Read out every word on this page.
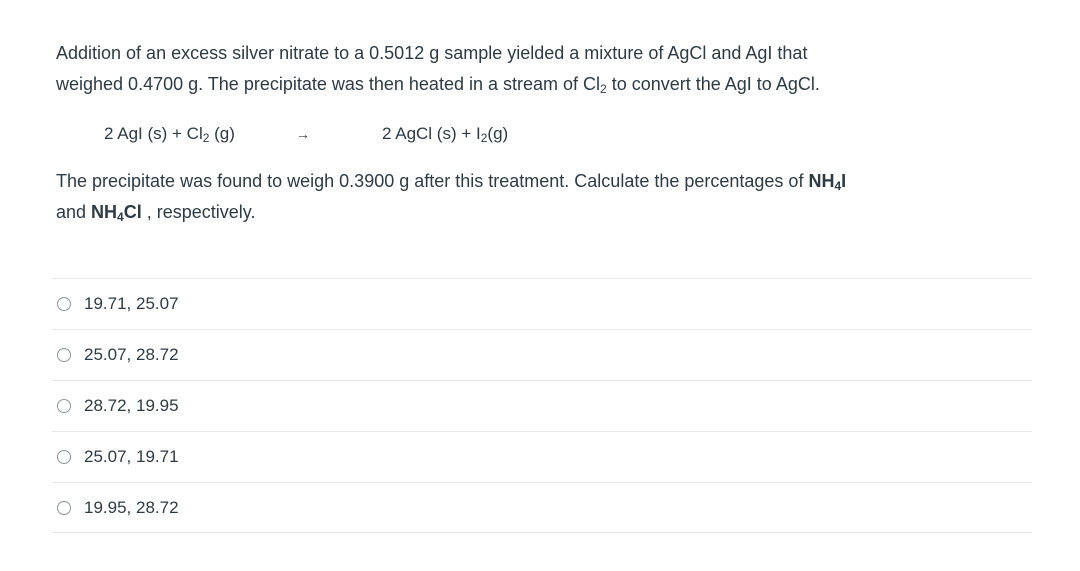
Addition of an excess silver nitrate to a 0.5012 g sample yielded a mixture of AgCl and AgI that
weighed 0.4700 g. The precipitate was then heated in a stream of $Cl_2$ to convert the AgI to AgCl.
2 AgI $(s) + Cl_2$ (g)	→	2 AgCl $(s) + I_2(g)$
The precipitate was found to weigh 0.3900 g after this treatment. Calculate the percentages of $NH_4I$
and $NH_4Cl$ , respectively.
19.71, 25.07
25.07, 28.72
28.72, 19.95
25.07, 19.71
19.95, 28.72
